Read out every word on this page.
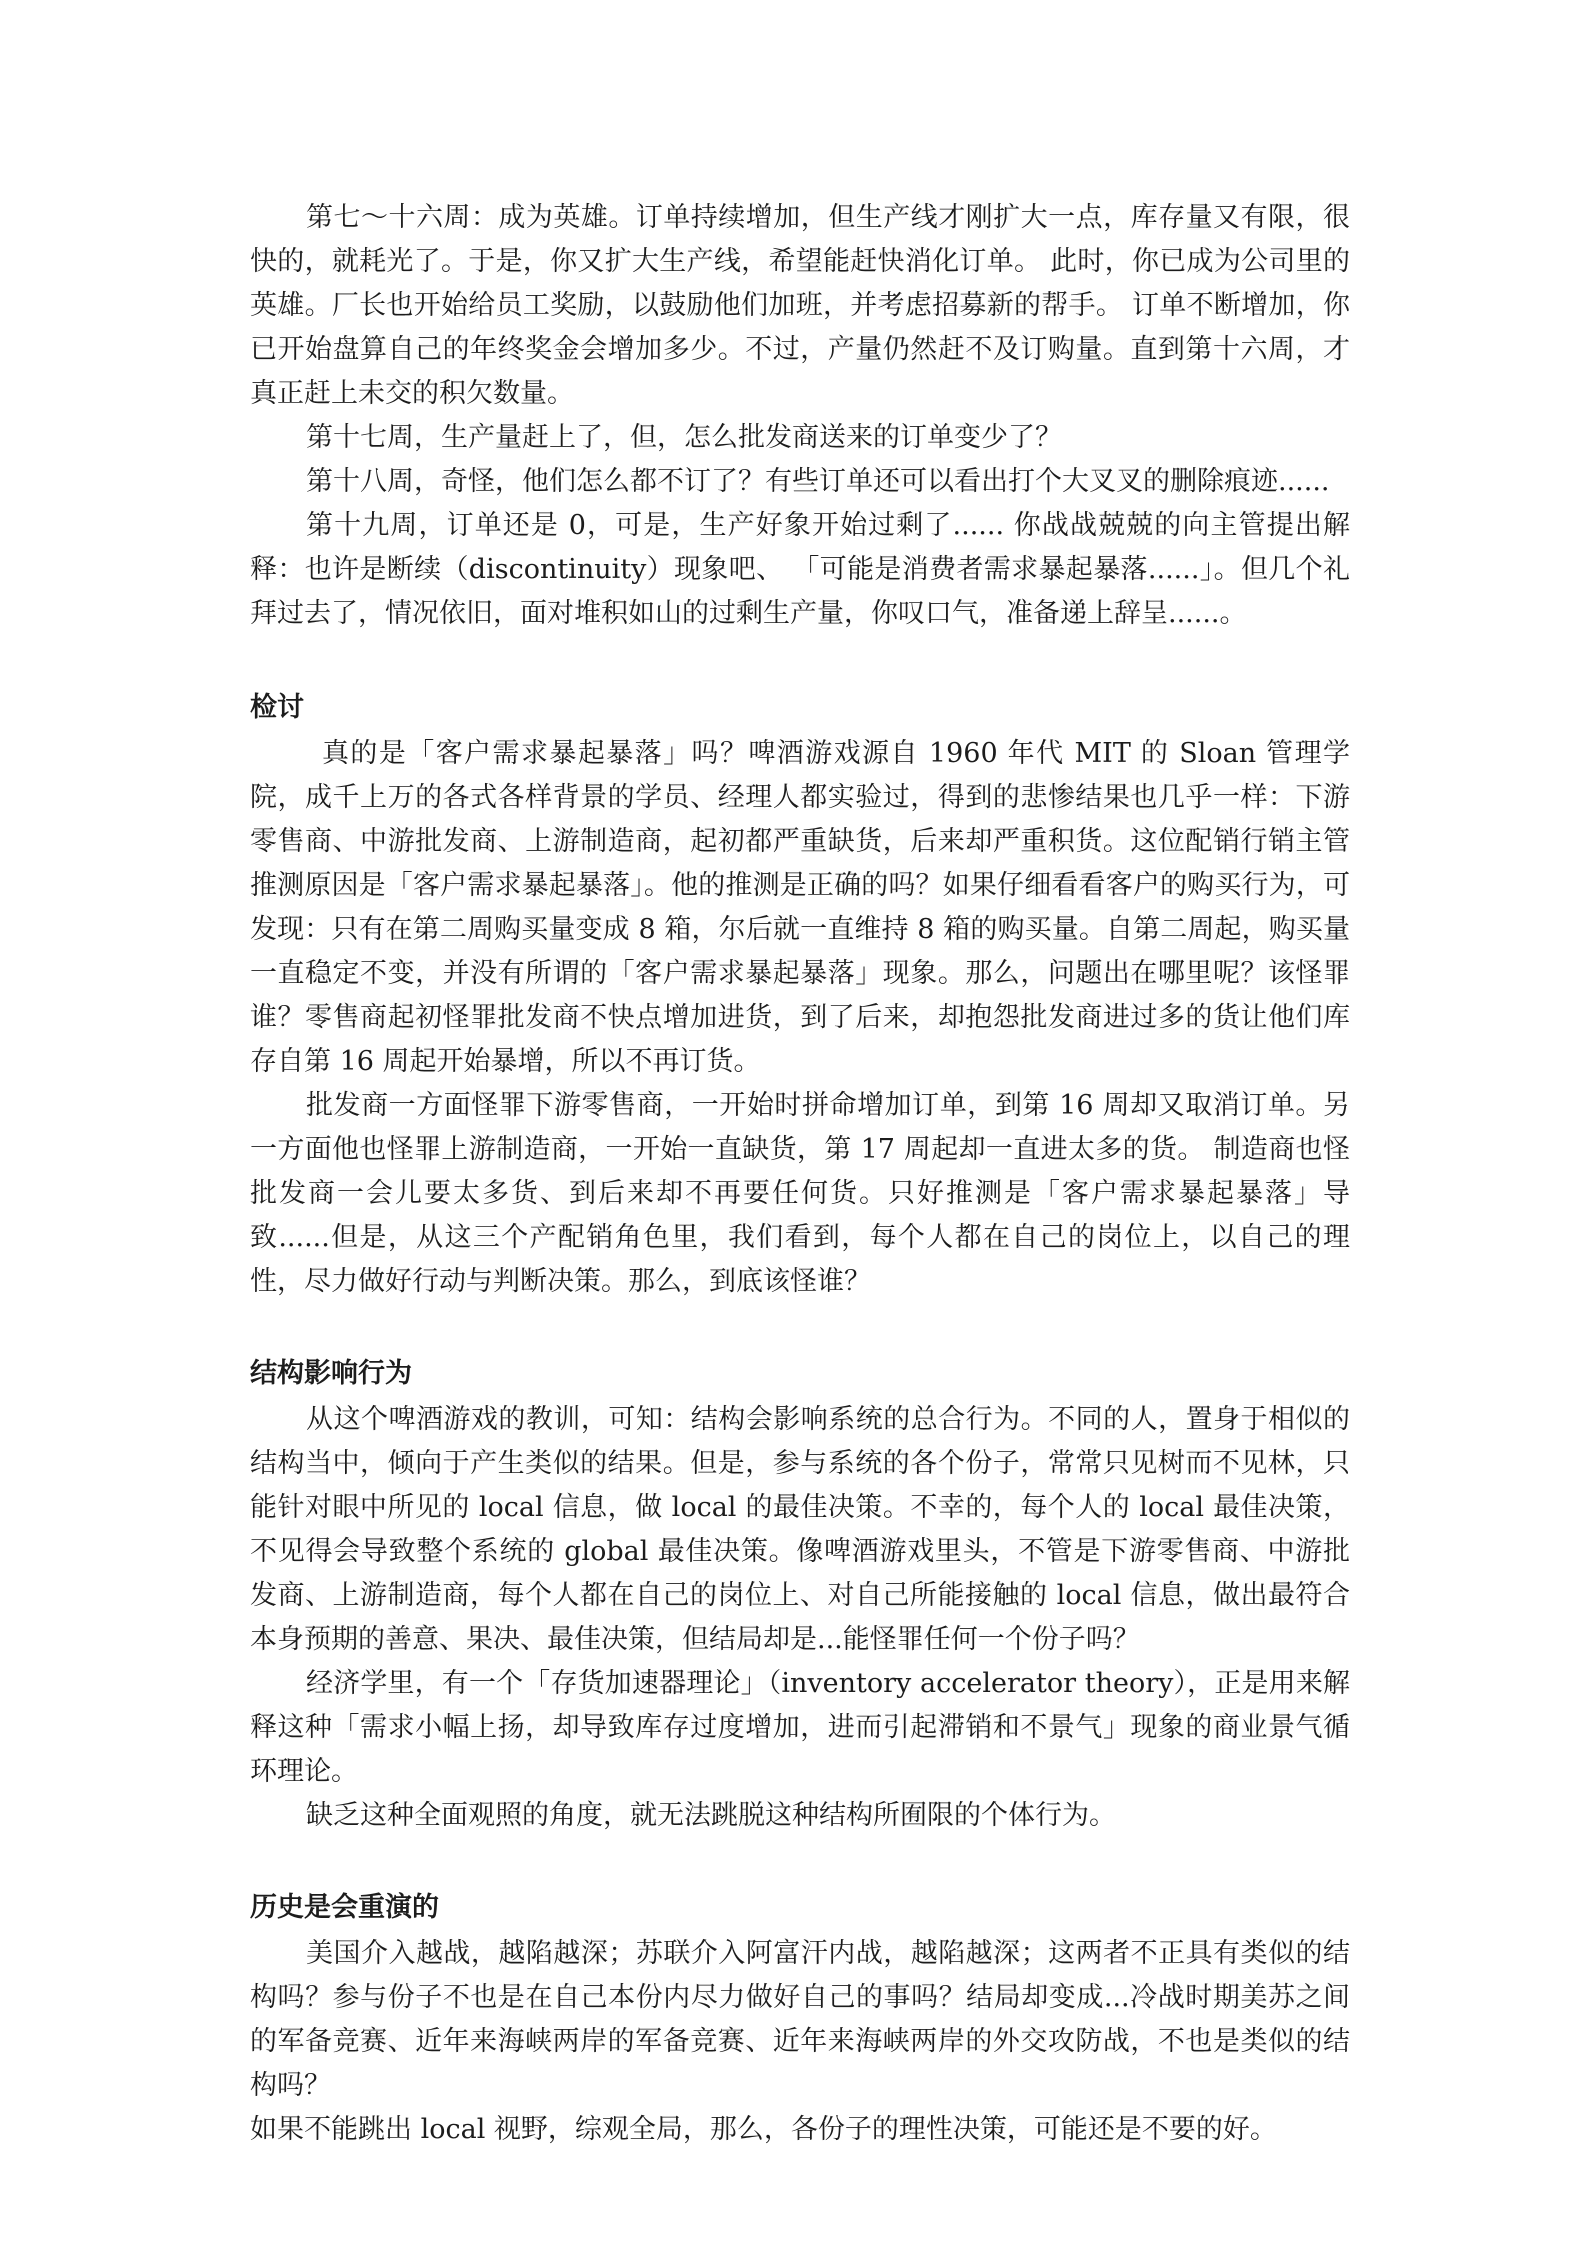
第七～十六周：成为英雄。订单持续增加，但生产线才刚扩大一点，库存量又有限，很快的，就耗光了。于是，你又扩大生产线，希望能赶快消化订单。 此时，你已成为公司里的英雄。厂长也开始给员工奖励，以鼓励他们加班，并考虑招募新的帮手。 订单不断增加，你已开始盘算自己的年终奖金会增加多少。不过，产量仍然赶不及订购量。直到第十六周，才真正赶上未交的积欠数量。

第十七周，生产量赶上了，但，怎么批发商送来的订单变少了？

第十八周，奇怪，他们怎么都不订了？有些订单还可以看出打个大叉叉的删除痕迹......

第十九周，订单还是 0，可是，生产好象开始过剩了...... 你战战兢兢的向主管提出解释：也许是断续（discontinuity）现象吧、 「可能是消费者需求暴起暴落......」。但几个礼拜过去了，情况依旧，面对堆积如山的过剩生产量，你叹口气，准备递上辞呈......。

检讨

真的是「客户需求暴起暴落」吗？啤酒游戏源自 1960 年代 MIT 的 Sloan 管理学院，成千上万的各式各样背景的学员、经理人都实验过，得到的悲惨结果也几乎一样：下游零售商、中游批发商、上游制造商，起初都严重缺货，后来却严重积货。这位配销行销主管推测原因是「客户需求暴起暴落」。他的推测是正确的吗？如果仔细看看客户的购买行为，可发现：只有在第二周购买量变成 8 箱，尔后就一直维持 8 箱的购买量。自第二周起，购买量一直稳定不变，并没有所谓的「客户需求暴起暴落」现象。那么，问题出在哪里呢？该怪罪谁？零售商起初怪罪批发商不快点增加进货，到了后来，却抱怨批发商进过多的货让他们库存自第 16 周起开始暴增，所以不再订货。

批发商一方面怪罪下游零售商，一开始时拼命增加订单，到第 16 周却又取消订单。另一方面他也怪罪上游制造商，一开始一直缺货，第 17 周起却一直进太多的货。 制造商也怪批发商一会儿要太多货、到后来却不再要任何货。只好推测是「客户需求暴起暴落」导致......但是，从这三个产配销角色里，我们看到，每个人都在自己的岗位上，以自己的理性，尽力做好行动与判断决策。那么，到底该怪谁？

结构影响行为

从这个啤酒游戏的教训，可知：结构会影响系统的总合行为。不同的人，置身于相似的结构当中，倾向于产生类似的结果。但是，参与系统的各个份子，常常只见树而不见林，只能针对眼中所见的 local 信息，做 local 的最佳决策。不幸的，每个人的 local 最佳决策，不见得会导致整个系统的 global 最佳决策。像啤酒游戏里头，不管是下游零售商、中游批发商、上游制造商，每个人都在自己的岗位上、对自己所能接触的 local 信息，做出最符合本身预期的善意、果决、最佳决策，但结局却是...能怪罪任何一个份子吗？

经济学里，有一个「存货加速器理论」（inventory accelerator theory），正是用来解释这种「需求小幅上扬，却导致库存过度增加，进而引起滞销和不景气」现象的商业景气循环理论。

缺乏这种全面观照的角度，就无法跳脱这种结构所囿限的个体行为。

历史是会重演的

美国介入越战，越陷越深；苏联介入阿富汗内战，越陷越深；这两者不正具有类似的结构吗？参与份子不也是在自己本份内尽力做好自己的事吗？结局却变成...冷战时期美苏之间的军备竞赛、近年来海峡两岸的军备竞赛、近年来海峡两岸的外交攻防战，不也是类似的结构吗？

如果不能跳出 local 视野，综观全局，那么，各份子的理性决策，可能还是不要的好。
